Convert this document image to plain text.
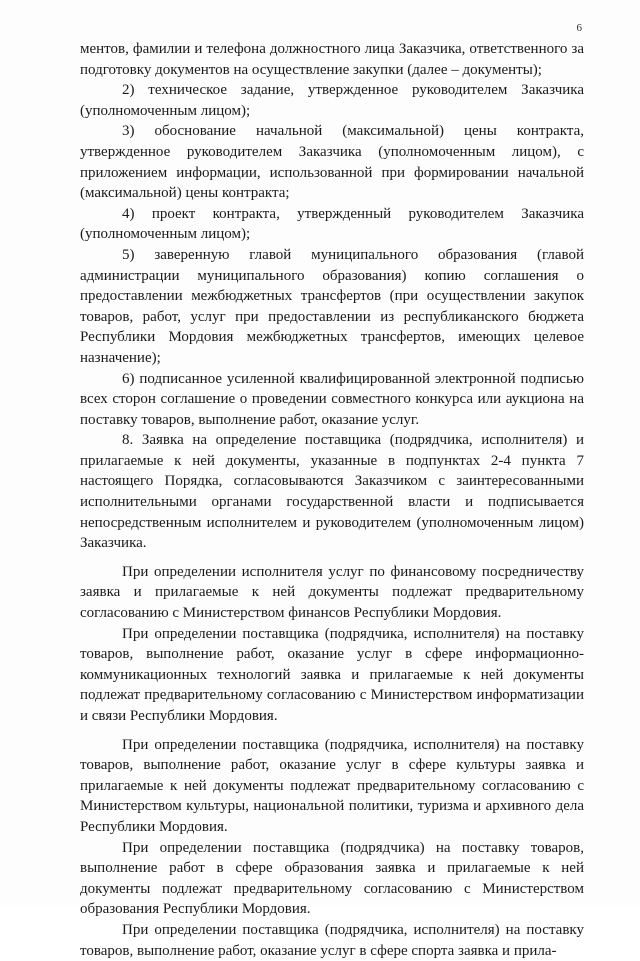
6

ментов, фамилии и телефона должностного лица Заказчика, ответственного за подготовку документов на осуществление закупки (далее – документы);

2) техническое задание, утвержденное руководителем Заказчика (уполномоченным лицом);

3) обоснование начальной (максимальной) цены контракта, утвержденное руководителем Заказчика (уполномоченным лицом), с приложением информации, использованной при формировании начальной (максимальной) цены контракта;

4) проект контракта, утвержденный руководителем Заказчика (уполномоченным лицом);

5) заверенную главой муниципального образования (главой администрации муниципального образования) копию соглашения о предоставлении межбюджетных трансфертов (при осуществлении закупок товаров, работ, услуг при предоставлении из республиканского бюджета Республики Мордовия межбюджетных трансфертов, имеющих целевое назначение);

6) подписанное усиленной квалифицированной электронной подписью всех сторон соглашение о проведении совместного конкурса или аукциона на поставку товаров, выполнение работ, оказание услуг.

8. Заявка на определение поставщика (подрядчика, исполнителя) и прилагаемые к ней документы, указанные в подпунктах 2-4 пункта 7 настоящего Порядка, согласовываются Заказчиком с заинтересованными исполнительными органами государственной власти и подписывается непосредственным исполнителем и руководителем (уполномоченным лицом) Заказчика.

При определении исполнителя услуг по финансовому посредничеству заявка и прилагаемые к ней документы подлежат предварительному согласованию с Министерством финансов Республики Мордовия.

При определении поставщика (подрядчика, исполнителя) на поставку товаров, выполнение работ, оказание услуг в сфере информационно-коммуникационных технологий заявка и прилагаемые к ней документы подлежат предварительному согласованию с Министерством информатизации и связи Республики Мордовия.

При определении поставщика (подрядчика, исполнителя) на поставку товаров, выполнение работ, оказание услуг в сфере культуры заявка и прилагаемые к ней документы подлежат предварительному согласованию с Министерством культуры, национальной политики, туризма и архивного дела Республики Мордовия.

При определении поставщика (подрядчика) на поставку товаров, выполнение работ в сфере образования заявка и прилагаемые к ней документы подлежат предварительному согласованию с Министерством образования Республики Мордовия.

При определении поставщика (подрядчика, исполнителя) на поставку товаров, выполнение работ, оказание услуг в сфере спорта заявка и прила-
